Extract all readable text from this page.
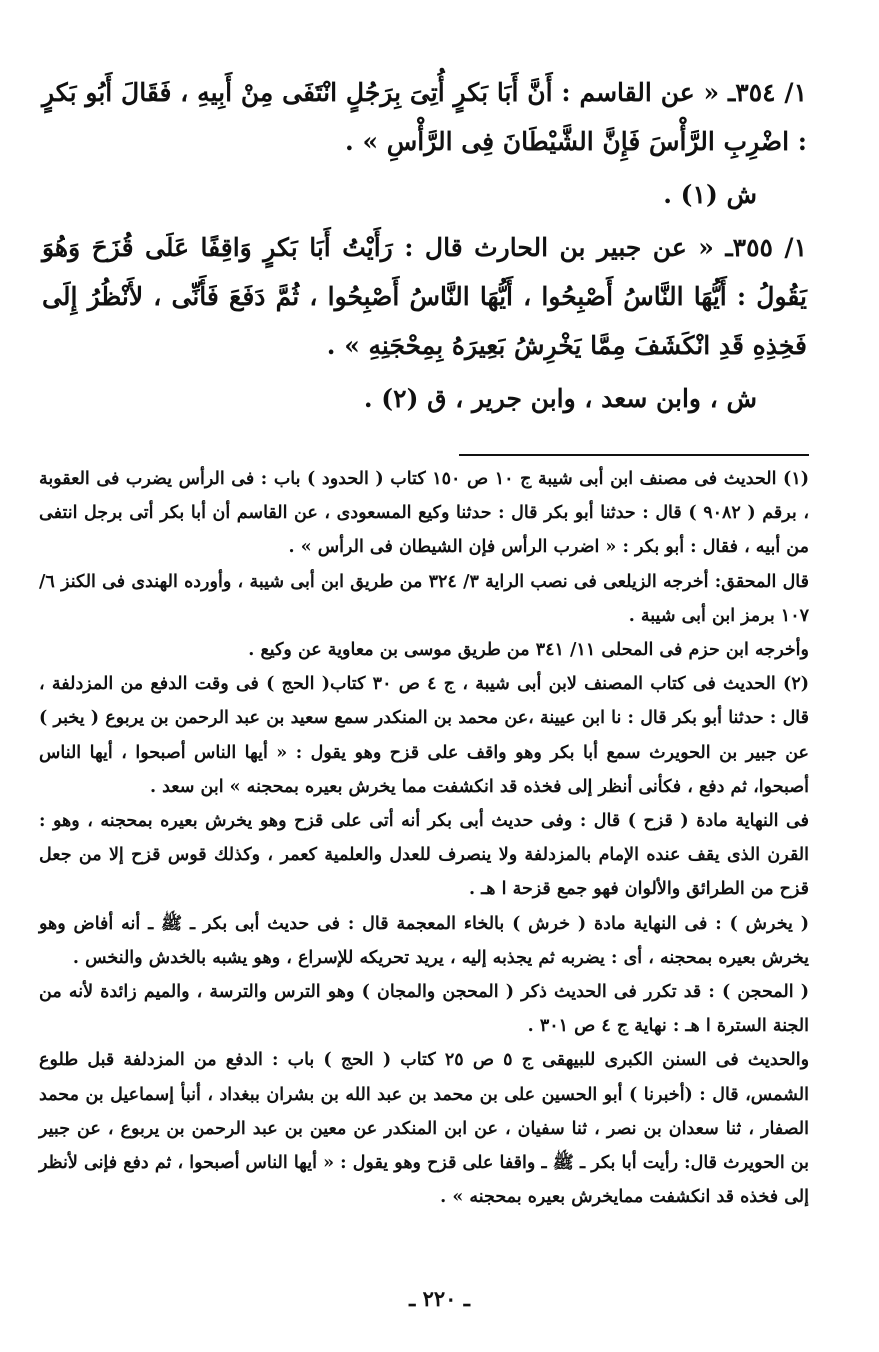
١/ ٣٥٤ـ « عن القاسم : أَنَّ أَبَا بَكرٍ أُتِىَ بِرَجُلٍ انْتَفَى مِنْ أَبِيهِ ، فَقَالَ أَبُو بَكرٍ : اضْرِبِ الرَّأْسَ فَإِنَّ الشَّيْطَانَ فِى الرَّأْسِ » .

ش (١) .

١/ ٣٥٥ـ « عن جبير بن الحارث قال : رَأَيْتُ أَبَا بَكرٍ وَاقِفًا عَلَى قُزَحَ وَهُوَ يَقُولُ : أَيُّهَا النَّاسُ أَصْبِحُوا ، أَيُّهَا النَّاسُ أَصْبِحُوا ، ثُمَّ دَفَعَ فَأَنِّى ، لأَنْظُرُ إِلَى فَخِذِهِ قَدِ انْكَشَفَ مِمَّا يَخْرِشُ بَعِيرَهُ بِمِحْجَنِهِ » .

ش ، وابن سعد ، وابن جرير ، ق (٢) .

(١) الحديث فى مصنف ابن أبى شيبة ج ١٠ ص ١٥٠ كتاب ( الحدود ) باب : فى الرأس يضرب فى العقوبة ، برقم ( ٩٠٨٢ ) قال : حدثنا أبو بكر قال : حدثنا وكيع المسعودى ، عن القاسم أن أبا بكر أتى برجل انتفى من أبيه ، فقال : أبو بكر : « اضرب الرأس فإن الشيطان فى الرأس » .

قال المحقق: أخرجه الزيلعى فى نصب الراية ٣/ ٣٢٤ من طريق ابن أبى شيبة ، وأورده الهندى فى الكنز ٦/ ١٠٧ برمز ابن أبى شيبة .

وأخرجه ابن حزم فى المحلى ١١/ ٣٤١ من طريق موسى بن معاوية عن وكيع .

(٢) الحديث فى كتاب المصنف لابن أبى شيبة ، ج ٤ ص ٣٠ كتاب( الحج ) فى وقت الدفع من المزدلفة ، قال : حدثنا أبو بكر قال : نا ابن عيينة ،عن محمد بن المنكدر سمع سعيد بن عبد الرحمن بن يربوع ( يخبر ) عن جبير بن الحويرث سمع أبا بكر وهو واقف على قزح وهو يقول : « أيها الناس أصبحوا ، أيها الناس أصبحوا، ثم دفع ، فكأنى أنظر إلى فخذه قد انكشفت مما يخرش بعيره بمحجنه » ابن سعد .

فى النهاية مادة ( قزح ) قال : وفى حديث أبى بكر أنه أتى على قزح وهو يخرش بعيره بمحجنه ، وهو : القرن الذى يقف عنده الإمام بالمزدلفة ولا ينصرف للعدل والعلمية كعمر ، وكذلك قوس قزح إلا من جعل قزح من الطرائق والألوان فهو جمع قزحة ا هـ .

( يخرش ) : فى النهاية مادة ( خرش ) بالخاء المعجمة قال : فى حديث أبى بكر ـ ﷺ ـ أنه أفاض وهو يخرش بعيره بمحجنه ، أى : يضربه ثم يجذبه إليه ، يريد تحريكه للإسراع ، وهو يشبه بالخدش والنخس .

( المحجن ) : قد تكرر فى الحديث ذكر ( المحجن والمجان ) وهو الترس والترسة ، والميم زائدة لأنه من الجنة السترة ا هـ : نهاية ج ٤ ص ٣٠١ .

والحديث فى السنن الكبرى للبيهقى ج ٥ ص ٢٥ كتاب ( الحج ) باب : الدفع من المزدلفة قبل طلوع الشمس، قال : (أخبرنا ) أبو الحسين على بن محمد بن عبد الله بن بشران ببغداد ، أنبأ إسماعيل بن محمد الصفار ، ثنا سعدان بن نصر ، ثنا سفيان ، عن ابن المنكدر عن معين بن عبد الرحمن بن يربوع ، عن جبير بن الحويرث قال: رأيت أبا بكر ـ ﷺ ـ واقفا على قزح وهو يقول : « أيها الناس أصبحوا ، ثم دفع فإنى لأنظر إلى فخذه قد انكشفت ممايخرش بعيره بمحجنه » .

ـ ٢٢٠ ـ
